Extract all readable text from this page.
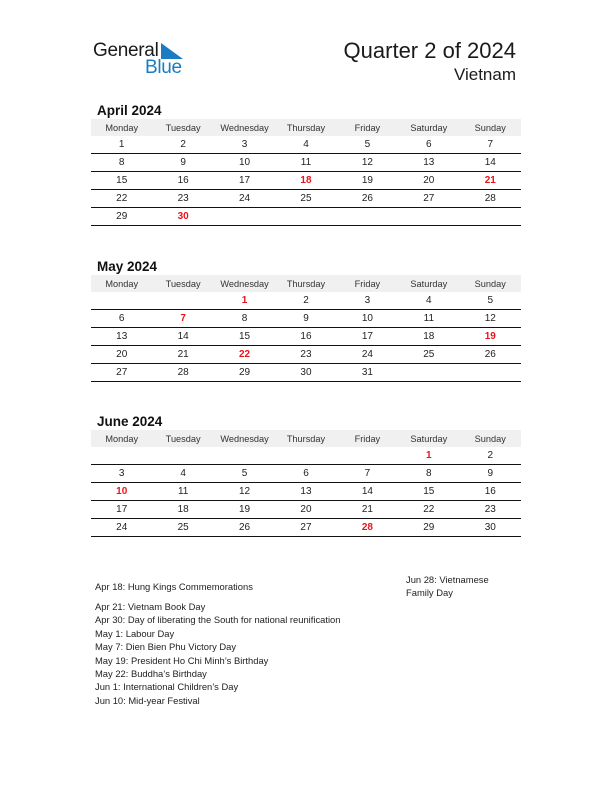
General
Blue
Quarter 2 of 2024
Vietnam
April 2024
Monday	Tuesday	Wednesday	Thursday	Friday	Saturday	Sunday
1	2	3	4	5	6	7
8	9	10	11	12	13	14
15	16	17	18	19	20	21
22	23	24	25	26	27	28
29	30					
May 2024
Monday	Tuesday	Wednesday	Thursday	Friday	Saturday	Sunday
		1	2	3	4	5
6	7	8	9	10	11	12
13	14	15	16	17	18	19
20	21	22	23	24	25	26
27	28	29	30	31		
June 2024
Monday	Tuesday	Wednesday	Thursday	Friday	Saturday	Sunday
					1	2
3	4	5	6	7	8	9
10	11	12	13	14	15	16
17	18	19	20	21	22	23
24	25	26	27	28	29	30
Apr 18: Hung Kings Commemorations
Apr 21: Vietnam Book Day
Apr 30: Day of liberating the South for national reunification
May 1: Labour Day
May 7: Dien Bien Phu Victory Day
May 19: President Ho Chi Minh’s Birthday
May 22: Buddha’s Birthday
Jun 1: International Children’s Day
Jun 10: Mid-year Festival
Jun 28: Vietnamese Family Day
